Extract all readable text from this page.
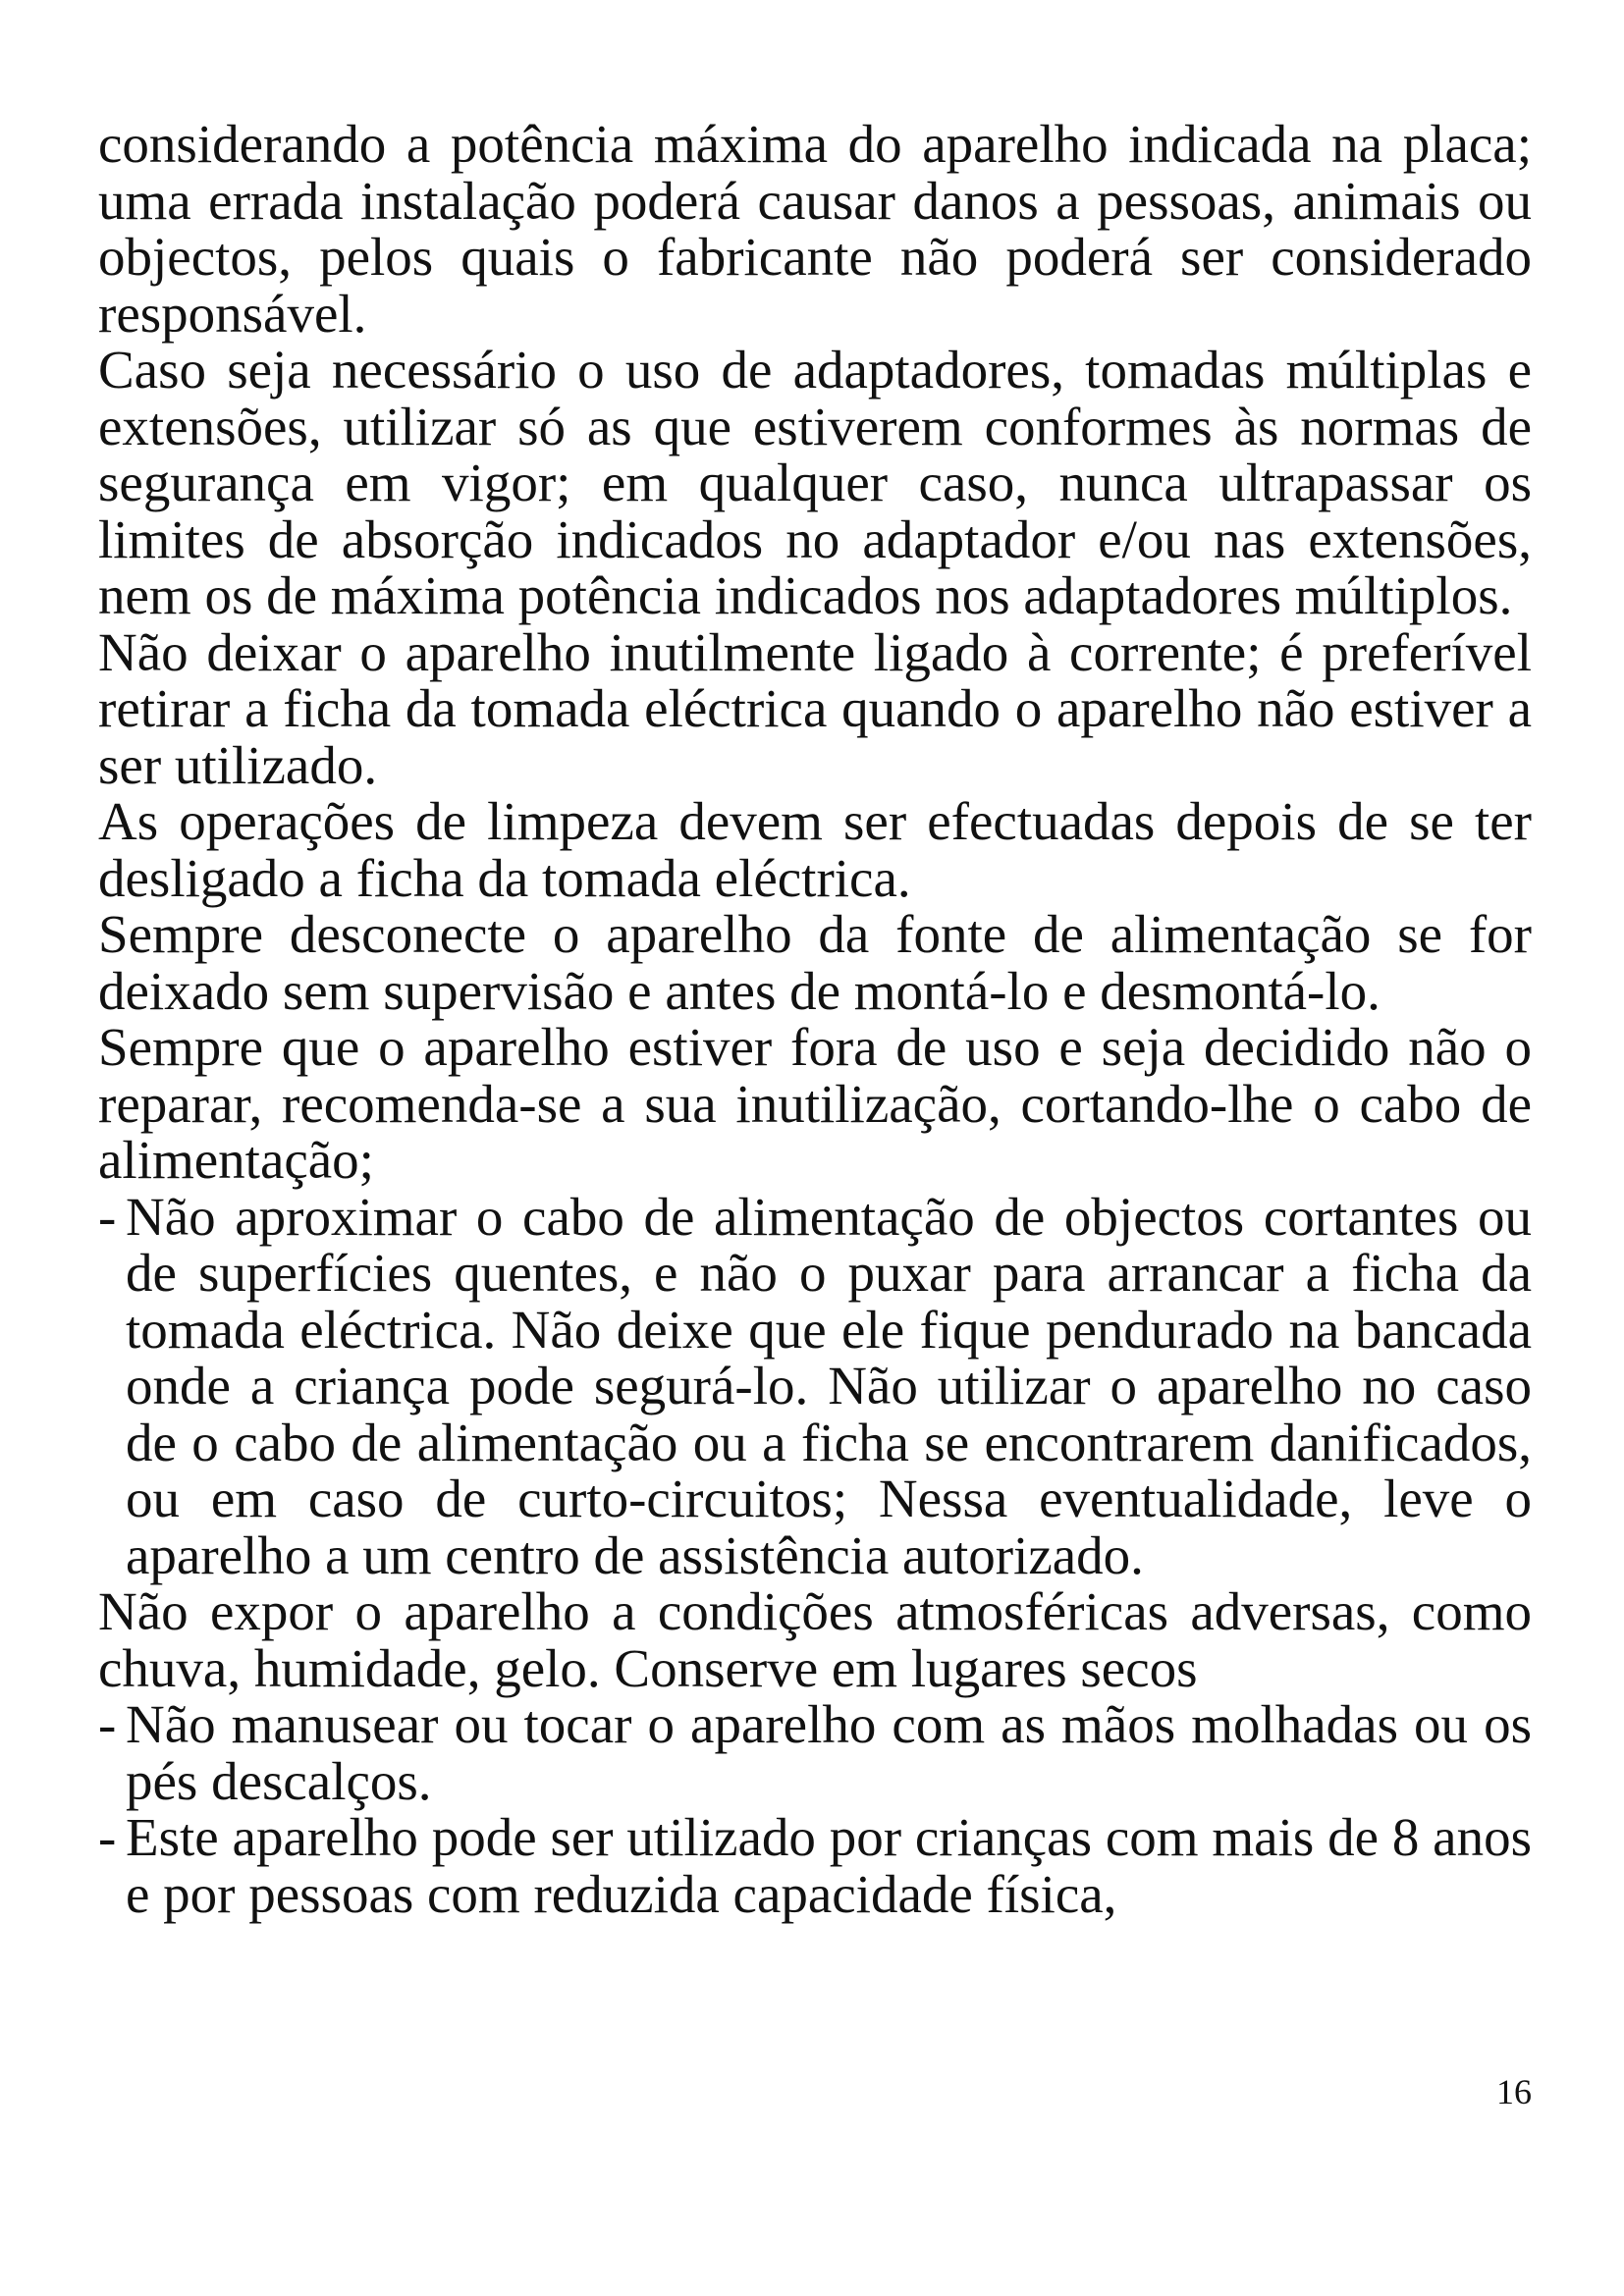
considerando a potência máxima do aparelho indicada na placa; uma errada instalação poderá causar danos a pessoas, animais ou objectos, pelos quais o fabricante não poderá ser considerado responsável.

Caso seja necessário o uso de adaptadores, tomadas múltiplas e extensões, utilizar só as que estiverem conformes às normas de segurança em vigor; em qualquer caso, nunca ultrapassar os limites de absorção indicados no adaptador e/ou nas extensões, nem os de máxima potência indicados nos adaptadores múltiplos.

Não deixar o aparelho inutilmente ligado à corrente; é preferível retirar a ficha da tomada eléctrica quando o aparelho não estiver a ser utilizado.

As operações de limpeza devem ser efectuadas depois de se ter desligado a ficha da tomada eléctrica.

Sempre desconecte o aparelho da fonte de alimentação se for deixado sem supervisão e antes de montá-lo e desmontá-lo.

Sempre que o aparelho estiver fora de uso e seja decidido não o reparar, recomenda-se a sua inutilização, cortando-lhe o cabo de alimentação;

- Não aproximar o cabo de alimentação de objectos cortantes ou de superfícies quentes, e não o puxar para arrancar a ficha da tomada eléctrica. Não deixe que ele fique pendurado na bancada onde a criança pode segurá-lo. Não utilizar o aparelho no caso de o cabo de alimentação ou a ficha se encontrarem danificados, ou em caso de curto-circuitos; Nessa eventualidade, leve o aparelho a um centro de assistência autorizado.

Não expor o aparelho a condições atmosféricas adversas, como chuva, humidade, gelo. Conserve em lugares secos

- Não manusear ou tocar o aparelho com as mãos molhadas ou os pés descalços.
- Este aparelho pode ser utilizado por crianças com mais de 8 anos e por pessoas com reduzida capacidade física,
16
